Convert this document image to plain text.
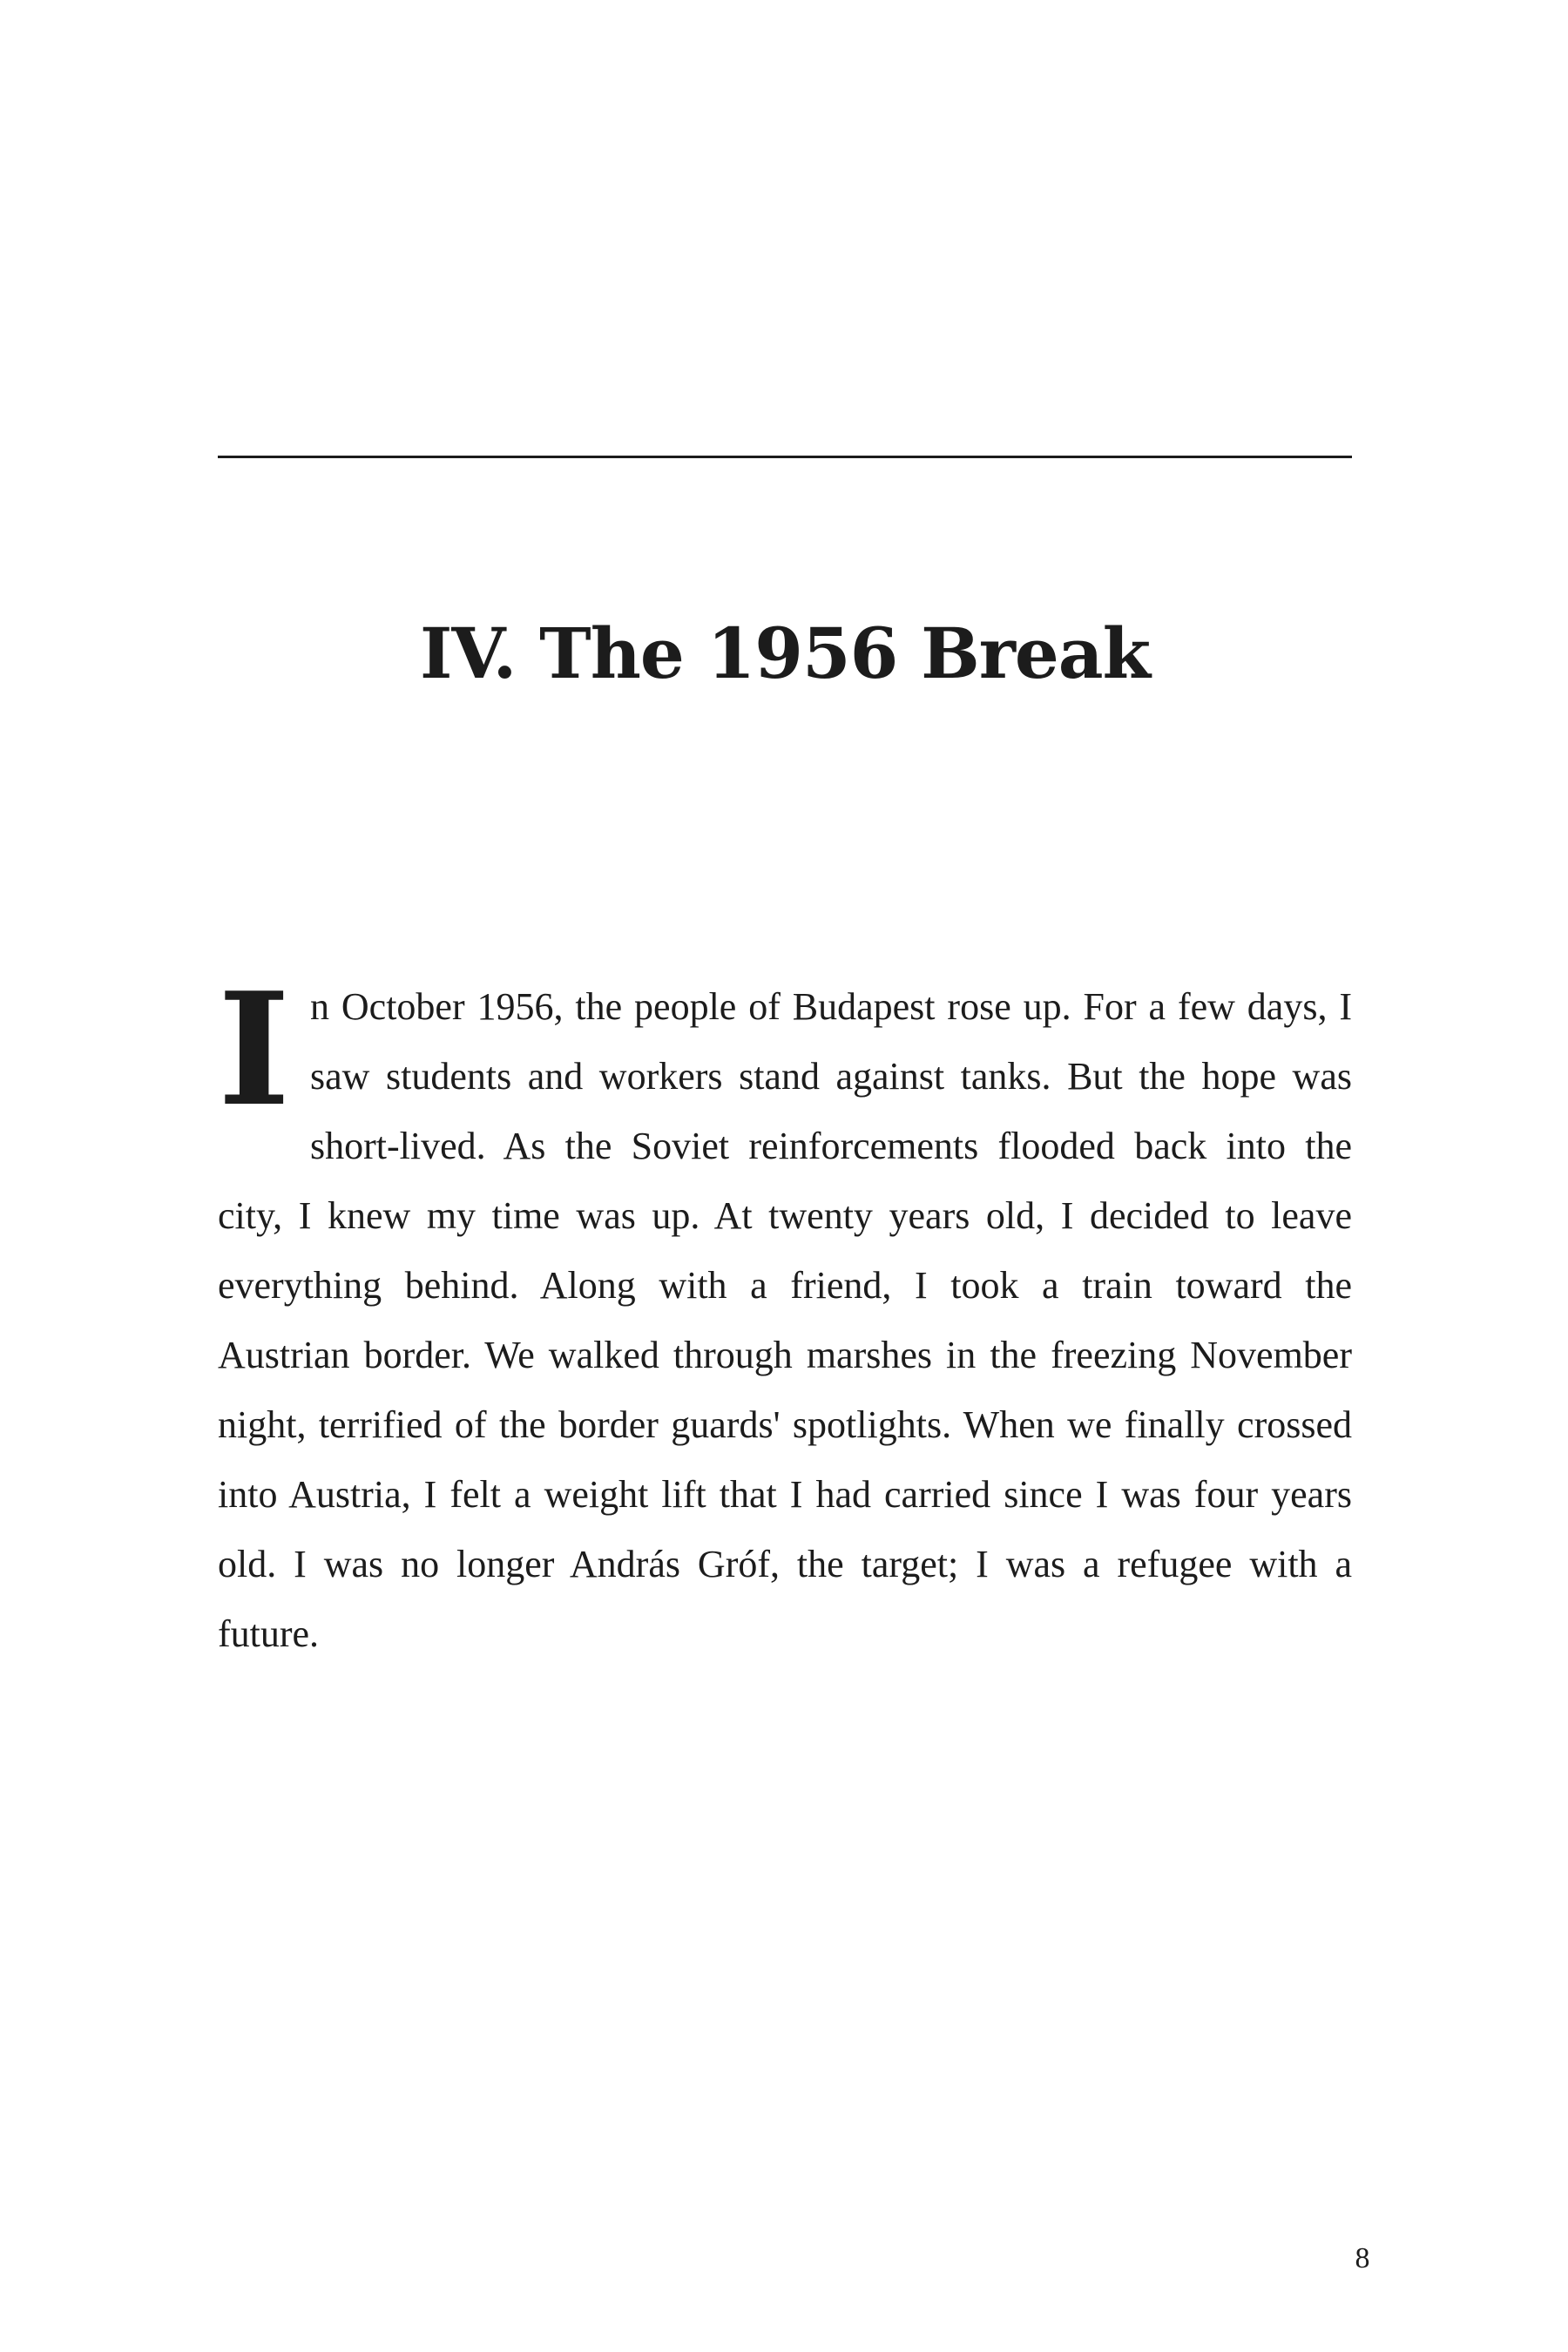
IV. The 1956 Break

In October 1956, the people of Budapest rose up. For a few days, I saw students and workers stand against tanks. But the hope was short-lived. As the Soviet reinforcements flooded back into the city, I knew my time was up. At twenty years old, I decided to leave everything behind. Along with a friend, I took a train toward the Austrian border. We walked through marshes in the freezing November night, terrified of the border guards' spotlights. When we finally crossed into Austria, I felt a weight lift that I had carried since I was four years old. I was no longer András Gróf, the target; I was a refugee with a future.

8
